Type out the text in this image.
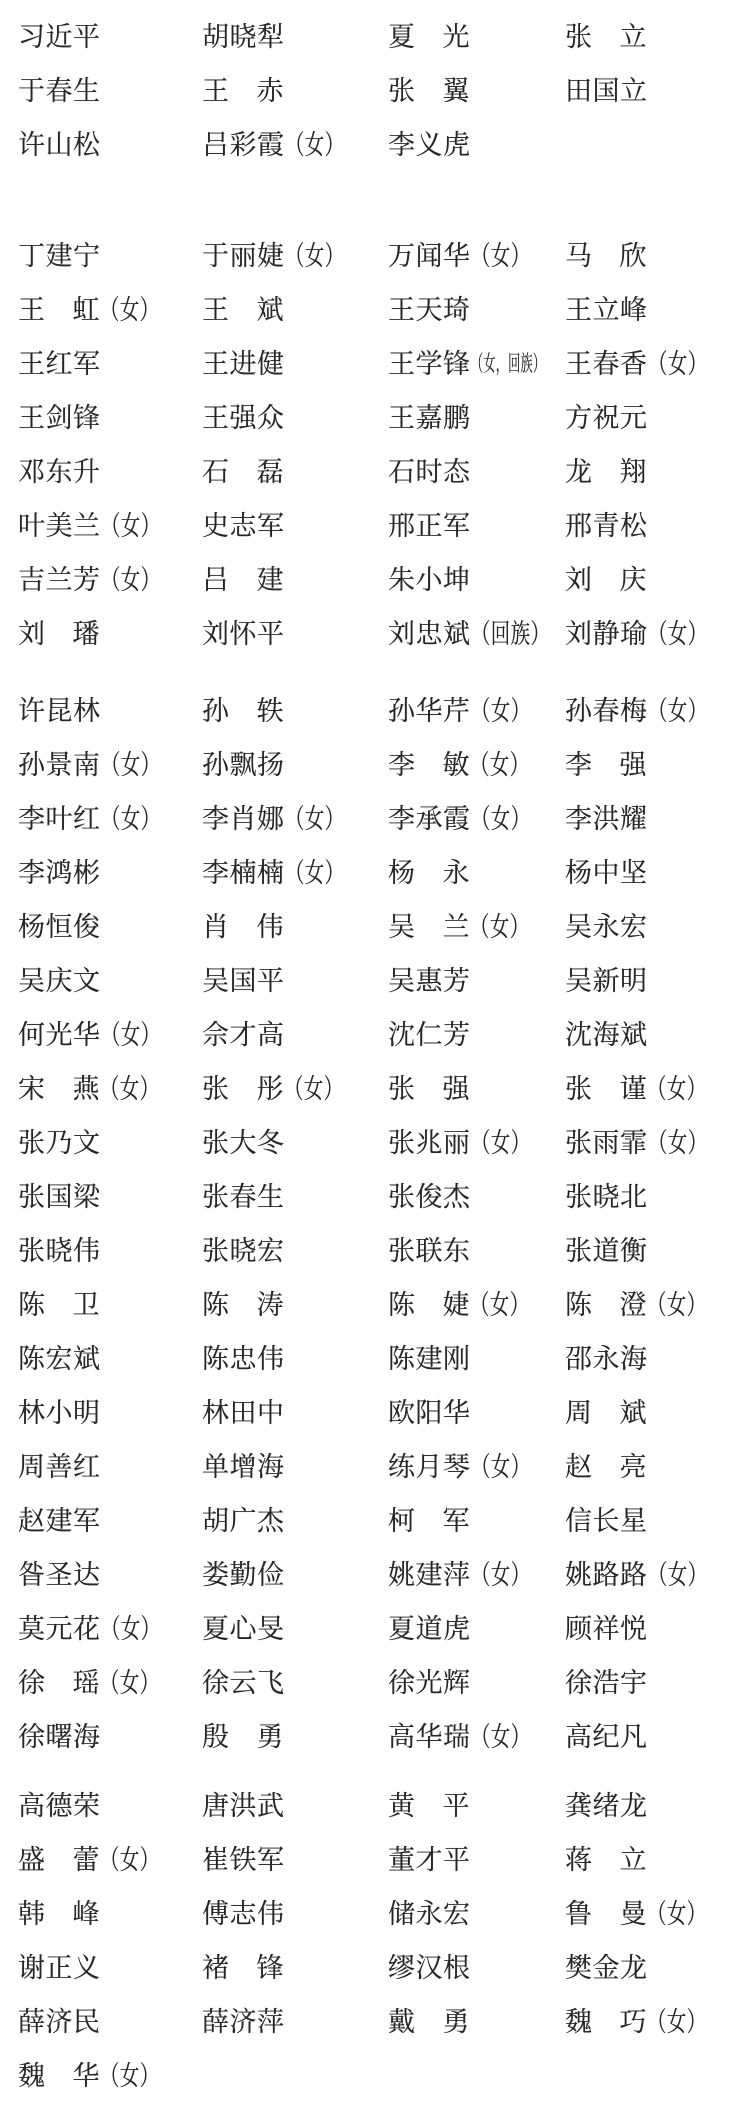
习近平	胡晓犁	夏 光	张 立
于春生	王 赤	张 翼	田国立
许山松	吕彩霞（女）	李义虎
丁建宁	于丽婕（女）	万闻华（女）	马 欣
王 虹 （女）	王 斌	王天琦	王立峰
王红军	王进健	王学锋（女，回族） 王春香（女）
王剑锋	王强众	王嘉鹏	方祝元
邓东升	石 磊	石时态	龙 翔
叶美兰（女）	史志军	邢正军	邢青松
吉兰芳（女）	吕 建	朱小坤	刘 庆
刘 璠	刘怀平	刘忠斌（回族） 刘静瑜（女）
许昆林	孙 轶	孙华芹（女）	孙春梅（女）
孙景南（女）	孙飘扬	李 敏 （女）	李 强
李叶红（女）	李肖娜（女）	李承霞（女）	李洪耀
李鸿彬	李楠楠（女）	杨 永	杨中坚
杨恒俊	肖 伟	吴 兰 （女）	吴永宏
吴庆文	吴国平	吴惠芳	吴新明
何光华（女）	佘才高	沈仁芳	沈海斌
宋 燕 （女）	张 彤 （女）	张 强	张 谨 （女）
张乃文	张大冬	张兆丽（女）	张雨霏（女）
张国梁	张春生	张俊杰	张晓北
张晓伟	张晓宏	张联东	张道衡
陈 卫	陈 涛	陈 婕 （女）	陈 澄 （女）
陈宏斌	陈忠伟	陈建刚	邵永海
林小明	林田中	欧阳华	周 斌
周善红	单增海	练月琴（女）	赵 亮
赵建军	胡广杰	柯 军	信长星
昝圣达	娄勤俭	姚建萍（女）	姚路路（女）
莫元花（女）	夏心旻	夏道虎	顾祥悦
徐 瑶 （女）	徐云飞	徐光辉	徐浩宇
徐曙海	殷 勇	高华瑞（女）	高纪凡
高德荣	唐洪武	黄 平	龚绪龙
盛 蕾 （女）	崔铁军	董才平	蒋 立
韩 峰	傅志伟	储永宏	鲁 曼 （女）
谢正义	褚 锋	缪汉根	樊金龙
薛济民	薛济萍	戴 勇	魏 巧 （女）
魏 华 （女）
